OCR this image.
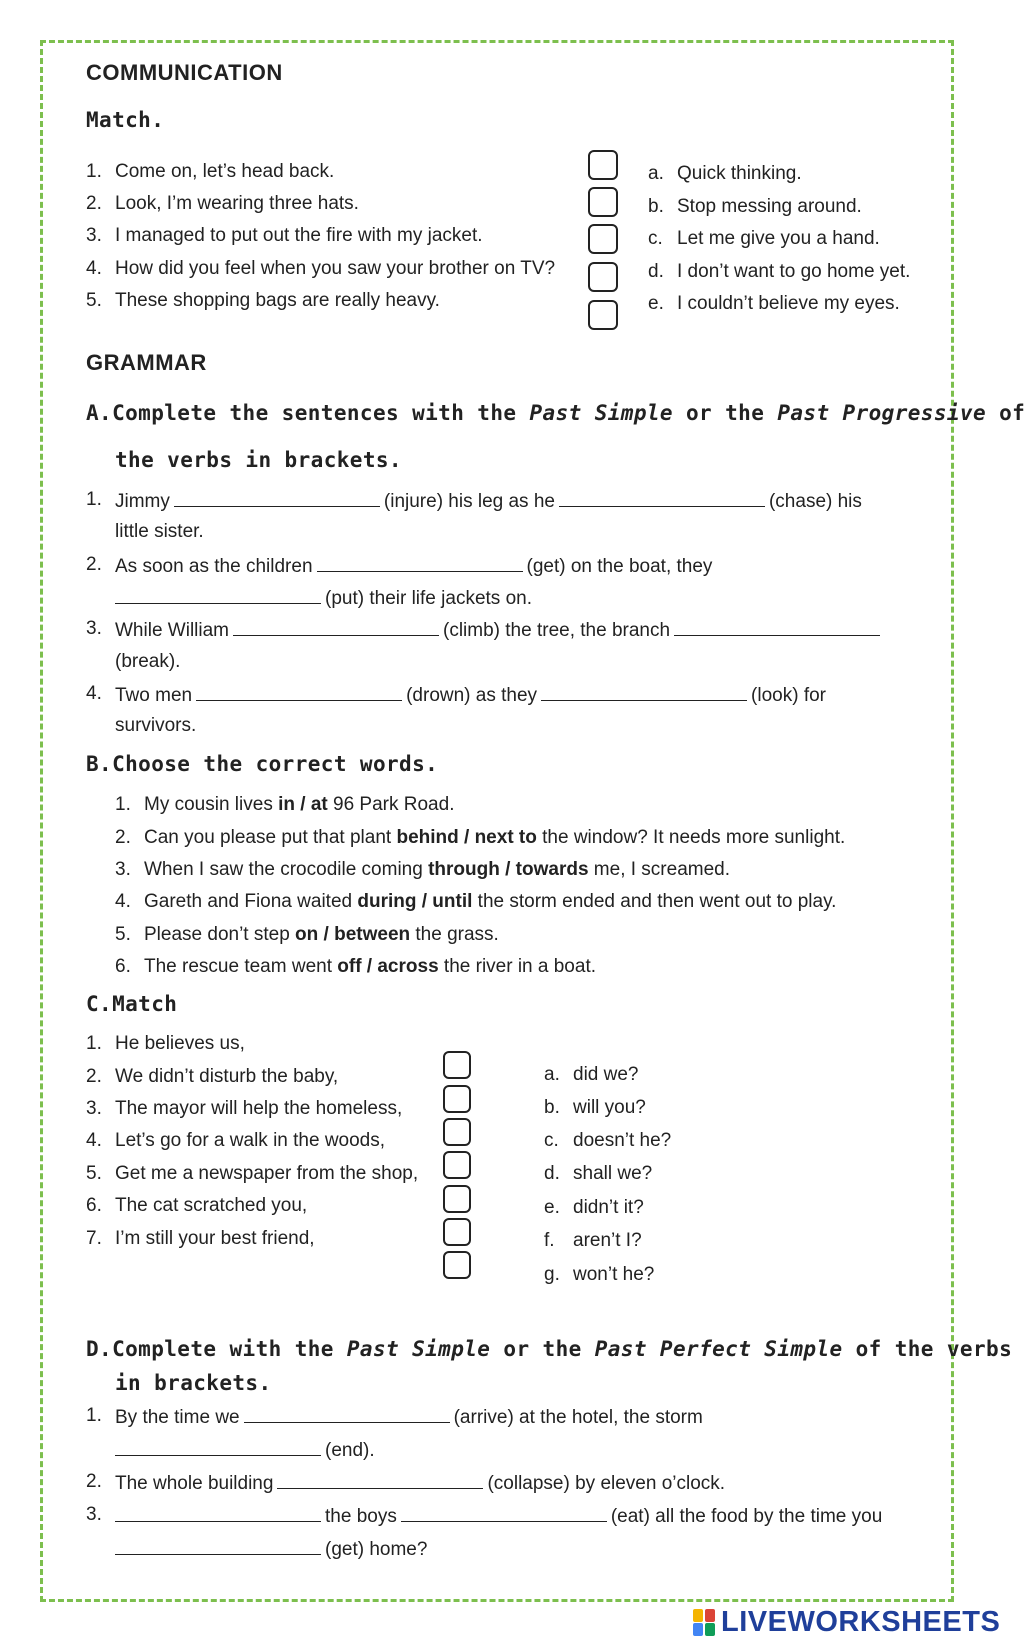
COMMUNICATION
Match.
1. Come on, let’s head back.
2. Look, I’m wearing three hats.
3. I managed to put out the fire with my jacket.
4. How did you feel when you saw your brother on TV?
5. These shopping bags are really heavy.
a. Quick thinking.
b. Stop messing around.
c. Let me give you a hand.
d. I don’t want to go home yet.
e. I couldn’t believe my eyes.
GRAMMAR
A.Complete the sentences with the Past Simple or the Past Progressive of
the verbs in brackets.
1. Jimmy	(injure) his leg as he	(chase) his
little sister.
2. As soon as the children	(get) on the boat, they
(put) their life jackets on.
3. While William	(climb) the tree, the branch
(break).
4. Two men	(drown) as they	(look) for
survivors.
B.Choose the correct words.
1. My cousin lives in / at 96 Park Road.
2. Can you please put that plant behind / next to the window? It needs more sunlight.
3. When I saw the crocodile coming through / towards me, I screamed.
4. Gareth and Fiona waited during / until the storm ended and then went out to play.
5. Please don’t step on / between the grass.
6. The rescue team went off / across the river in a boat.
C.Match
1. He believes us,
2. We didn’t disturb the baby,
3. The mayor will help the homeless,
4. Let’s go for a walk in the woods,
5. Get me a newspaper from the shop,
6. The cat scratched you,
7. I’m still your best friend,
a. did we?
b. will you?
c. doesn’t he?
d. shall we?
e. didn’t it?
f. aren’t I?
g. won’t he?
D.Complete with the Past Simple or the Past Perfect Simple of the verbs
in brackets.
1. By the time we	(arrive) at the hotel, the storm
(end).
2. The whole building	(collapse) by eleven o’clock.
3.	the boys	(eat) all the food by the time you
(get) home?
LIVEWORKSHEETS
